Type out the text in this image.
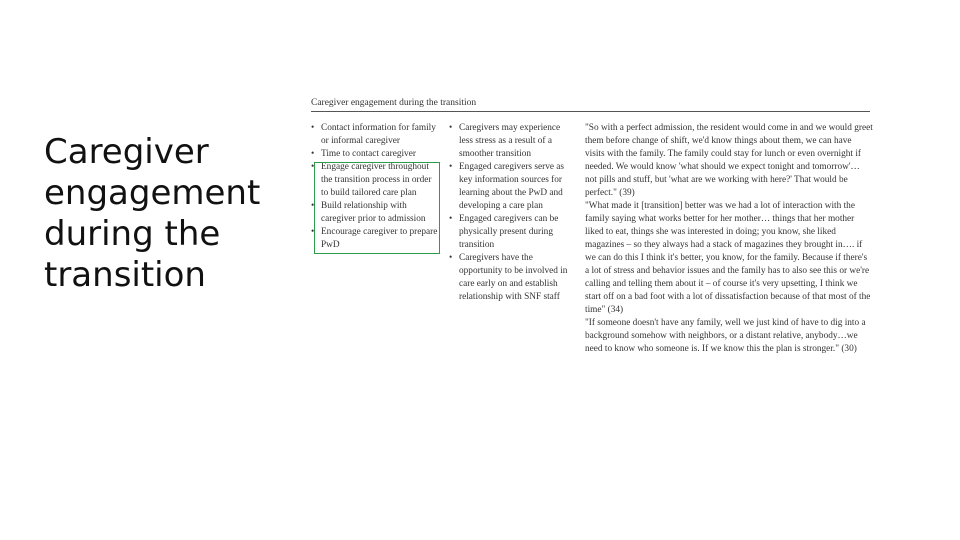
Caregiver engagement during the transition
Caregiver engagement during the transition
• Contact information for family or informal caregiver
• Time to contact caregiver
• Engage caregiver throughout the transition process in order to build tailored care plan
• Build relationship with caregiver prior to admission
• Encourage caregiver to prepare PwD
• Caregivers may experience less stress as a result of a smoother transition
• Engaged caregivers serve as key information sources for learning about the PwD and developing a care plan
• Engaged caregivers can be physically present during transition
• Caregivers have the opportunity to be involved in care early on and establish relationship with SNF staff

"So with a perfect admission, the resident would come in and we would greet them before change of shift, we'd know things about them, we can have visits with the family. The family could stay for lunch or even overnight if needed. We would know 'what should we expect tonight and tomorrow'… not pills and stuff, but 'what are we working with here?' That would be perfect." (39)

"What made it [transition] better was we had a lot of interaction with the family saying what works better for her mother… things that her mother liked to eat, things she was interested in doing; you know, she liked magazines – so they always had a stack of magazines they brought in…. if we can do this I think it's better, you know, for the family. Because if there's a lot of stress and behavior issues and the family has to also see this or we're calling and telling them about it – of course it's very upsetting, I think we start off on a bad foot with a lot of dissatisfaction because of that most of the time" (34)

"If someone doesn't have any family, well we just kind of have to dig into a background somehow with neighbors, or a distant relative, anybody…we need to know who someone is. If we know this the plan is stronger." (30)
